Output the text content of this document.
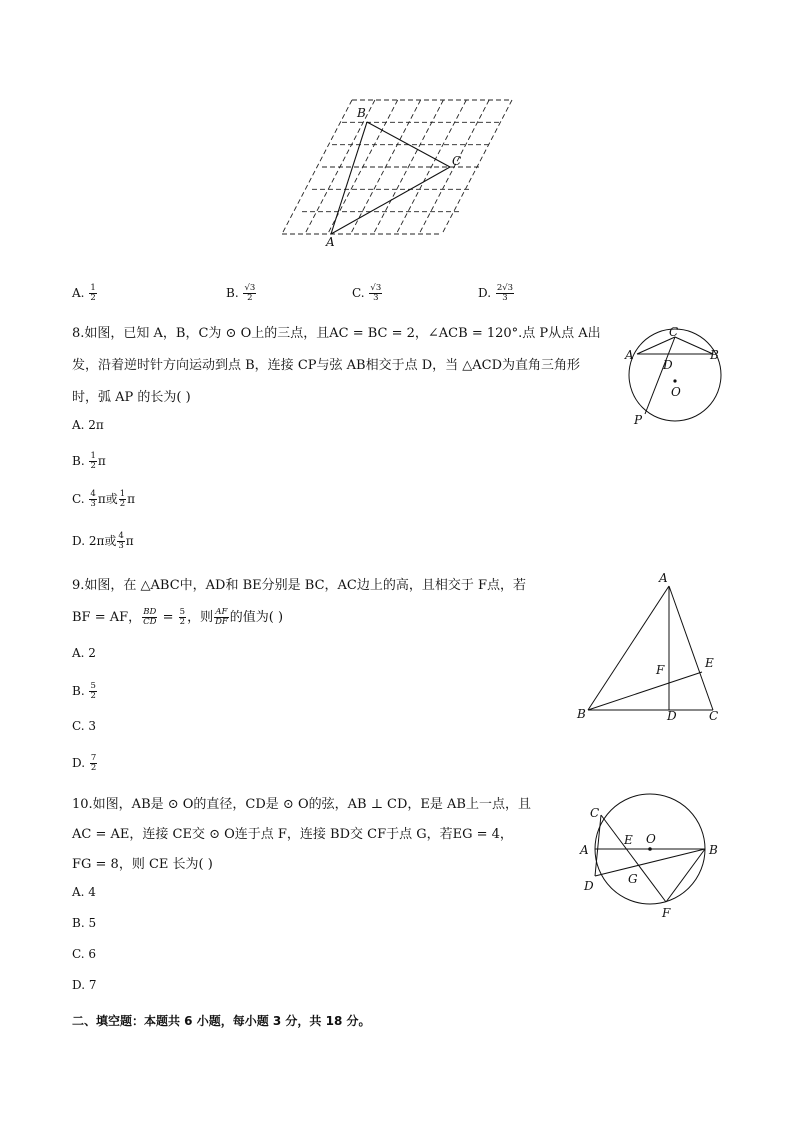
B
C
A
A. $\frac{1}{2}$	B. $\frac{√3}{2}$	C. $\frac{√3}{3}$	D. $\frac{2√3}{3}$
8.如图，已知 A，B，C为 ⊙ O上的三点，且AC = BC = 2，∠ACB = 120°.点 P从点 A出
发，沿着逆时针方向运动到点 B，连接 CP与弦 AB相交于点 D，当 △ACD为直角三角形
时，弧 AP 的长为( )
A. 2π
B. $\frac{1}{2}$ π
C. $\frac{4}{3}$ π或 $\frac{1}{2}$ π
D. 2π或 $\frac{4}{3}$ π
C
A	B
D
O
P
9.如图，在 △ABC中，AD和 BE分别是 BC，AC边上的高，且相交于 F点，若
BF = AF， $\frac{BD}{CD} = \frac{5}{2}$ ，则 $\frac{AF}{DF}$ 的值为( )
A. 2
B. $\frac{5}{2}$
C. 3
D. $\frac{7}{2}$
A
B	C
D
E
F
10.如图，AB是 ⊙ O的直径，CD是 ⊙ O的弦，AB ⊥ CD，E是 AB上一点，且
AC = AE，连接 CE交 ⊙ O连于点 F，连接 BD交 CF于点 G，若EG = 4，
FG = 8，则 CE 长为( )
A. 4
B. 5
C. 6
D. 7
C
A	B
D
E O
G
F
二、填空题：本题共 6 小题，每小题 3 分，共 18 分。
